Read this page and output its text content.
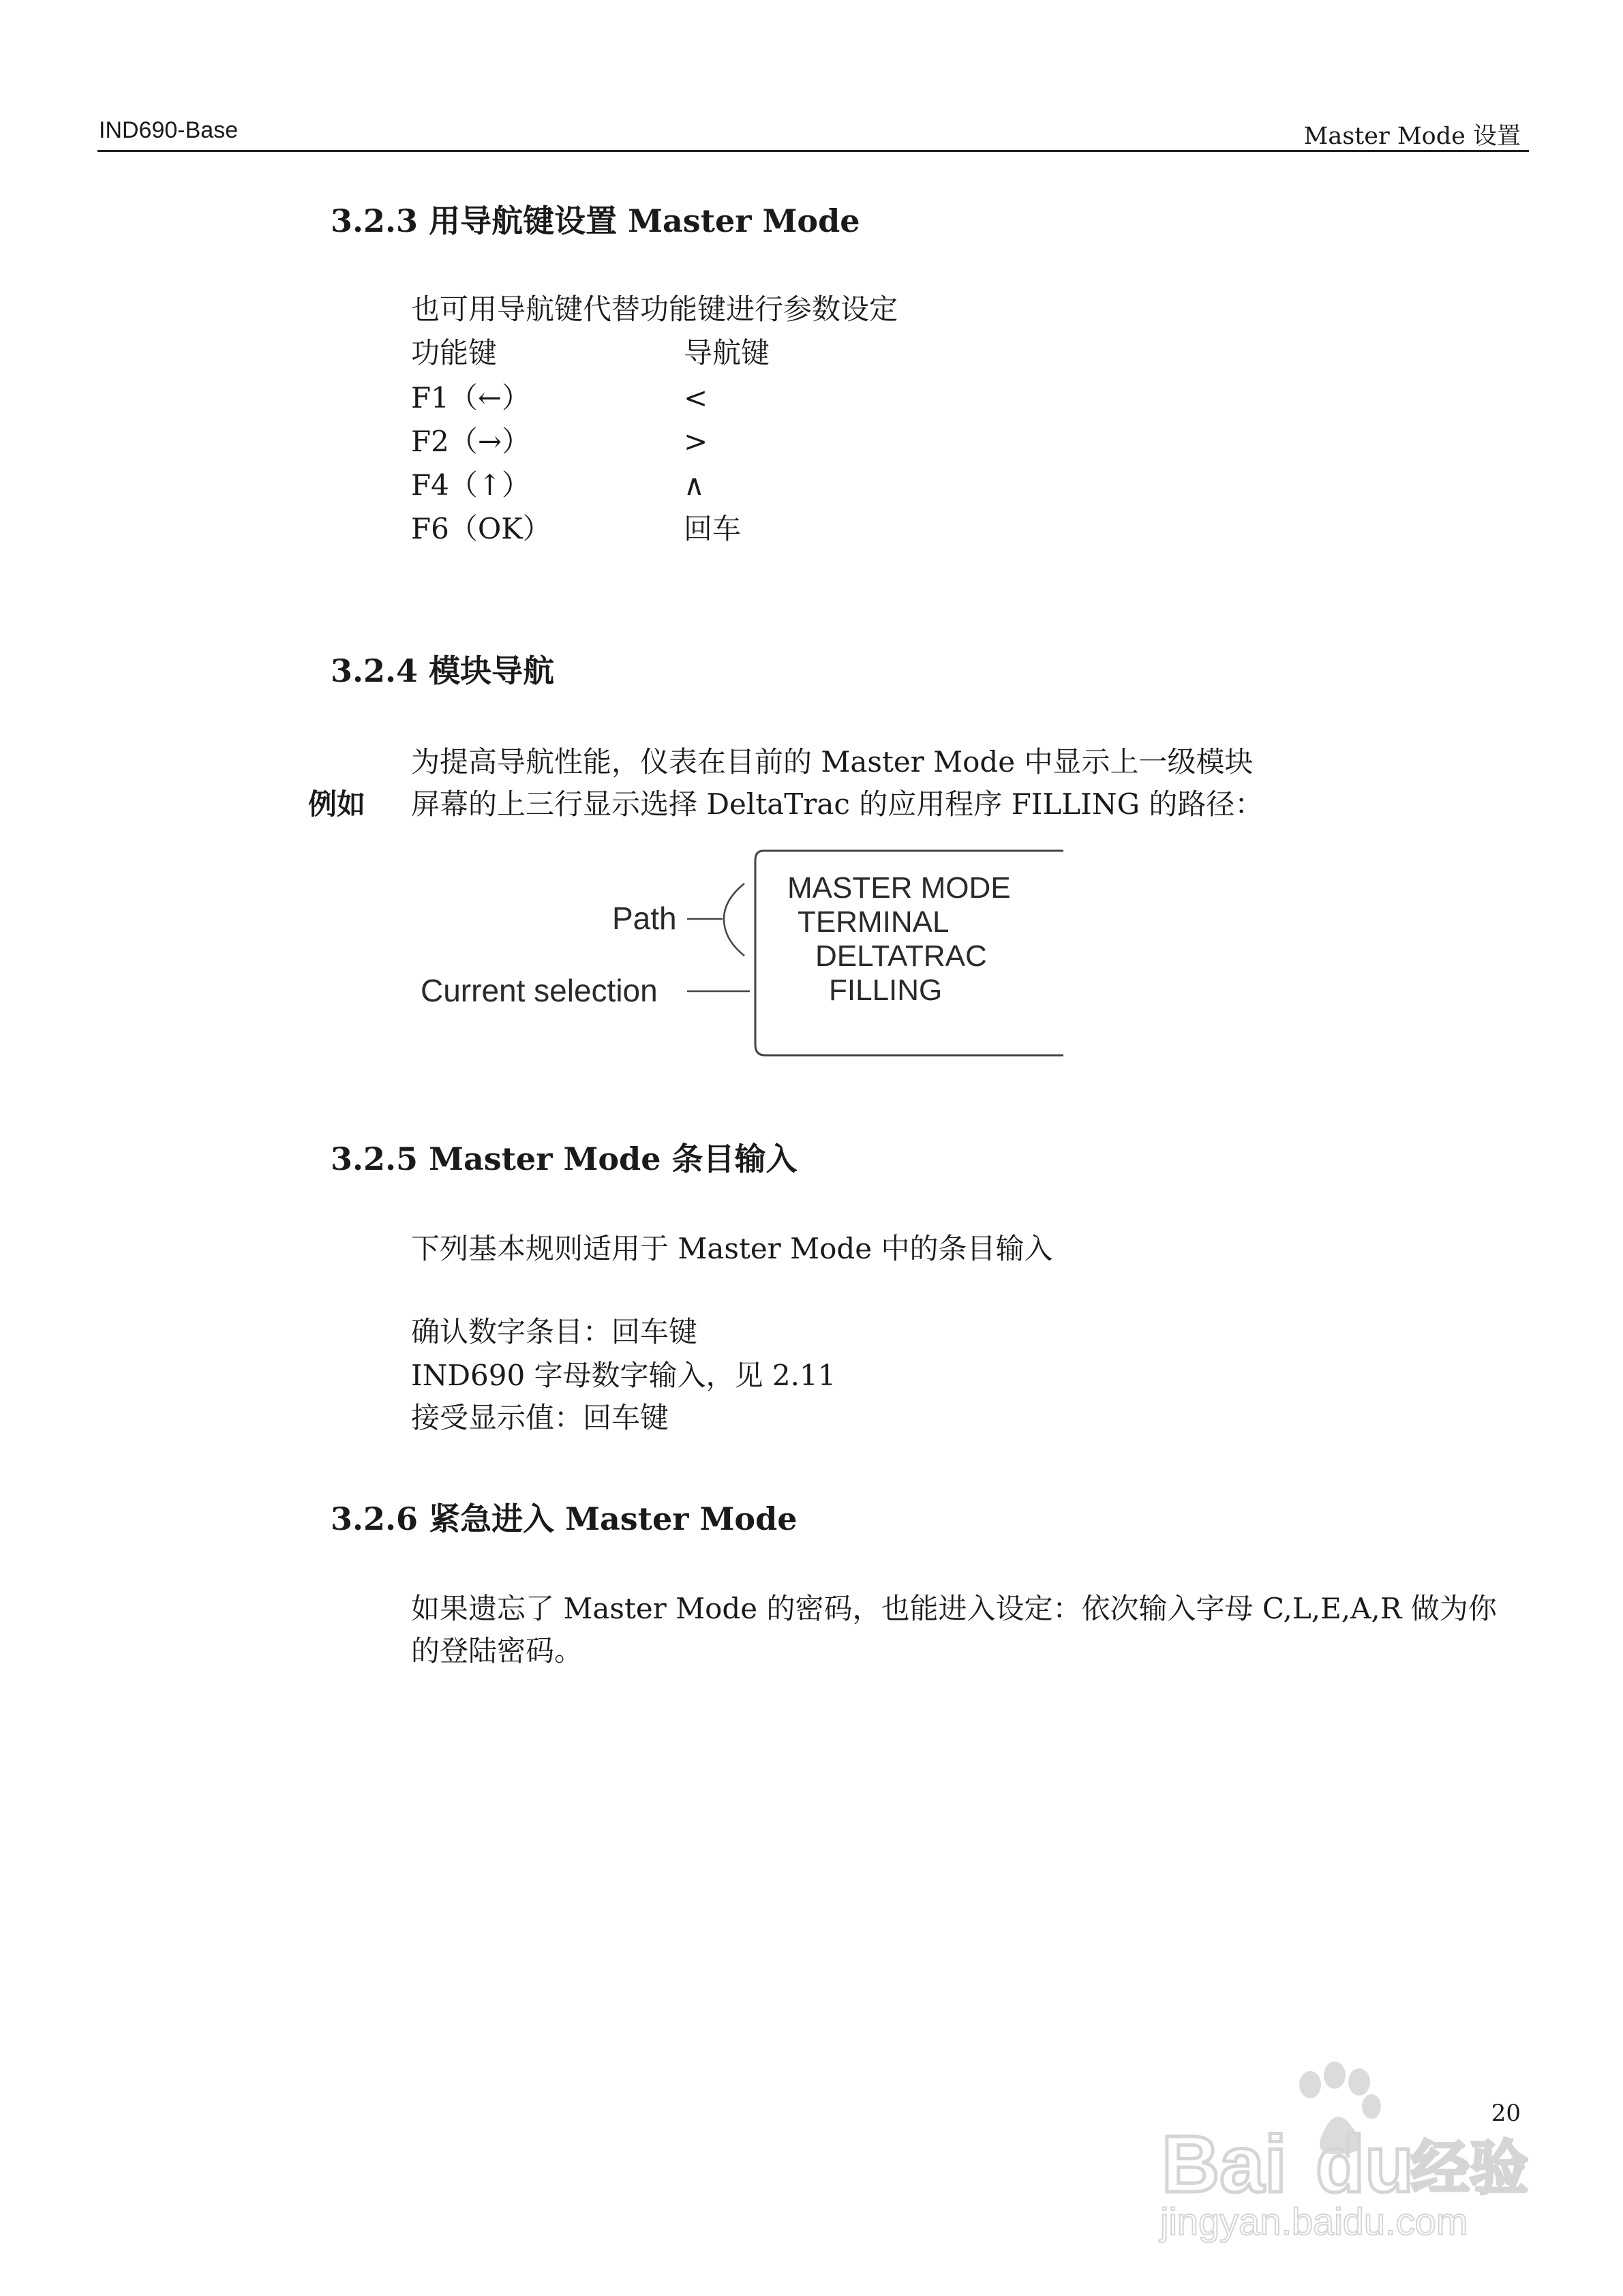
IND690-Base	Master Mode 设置
3.2.3 用导航键设置 Master Mode
也可用导航键代替功能键进行参数设定
功能键	导航键
F1（←）	<
F2（→）	>
F4（↑）	∧
F6（OK）	回车
3.2.4 模块导航
为提高导航性能，仪表在目前的 Master Mode 中显示上一级模块
例如 屏幕的上三行显示选择 DeltaTrac 的应用程序 FILLING 的路径：
Path
Current selection
MASTER MODE
TERMINAL
DELTATRAC
FILLING
3.2.5 Master Mode 条目输入
下列基本规则适用于 Master Mode 中的条目输入
确认数字条目：回车键
IND690 字母数字输入，见 2.11
接受显示值：回车键
3.2.6 紧急进入 Master Mode
如果遗忘了 Master Mode 的密码，也能进入设定：依次输入字母 C,L,E,A,R 做为你
的登陆密码。
20
Bai du
经验
jingyan.baidu.com
